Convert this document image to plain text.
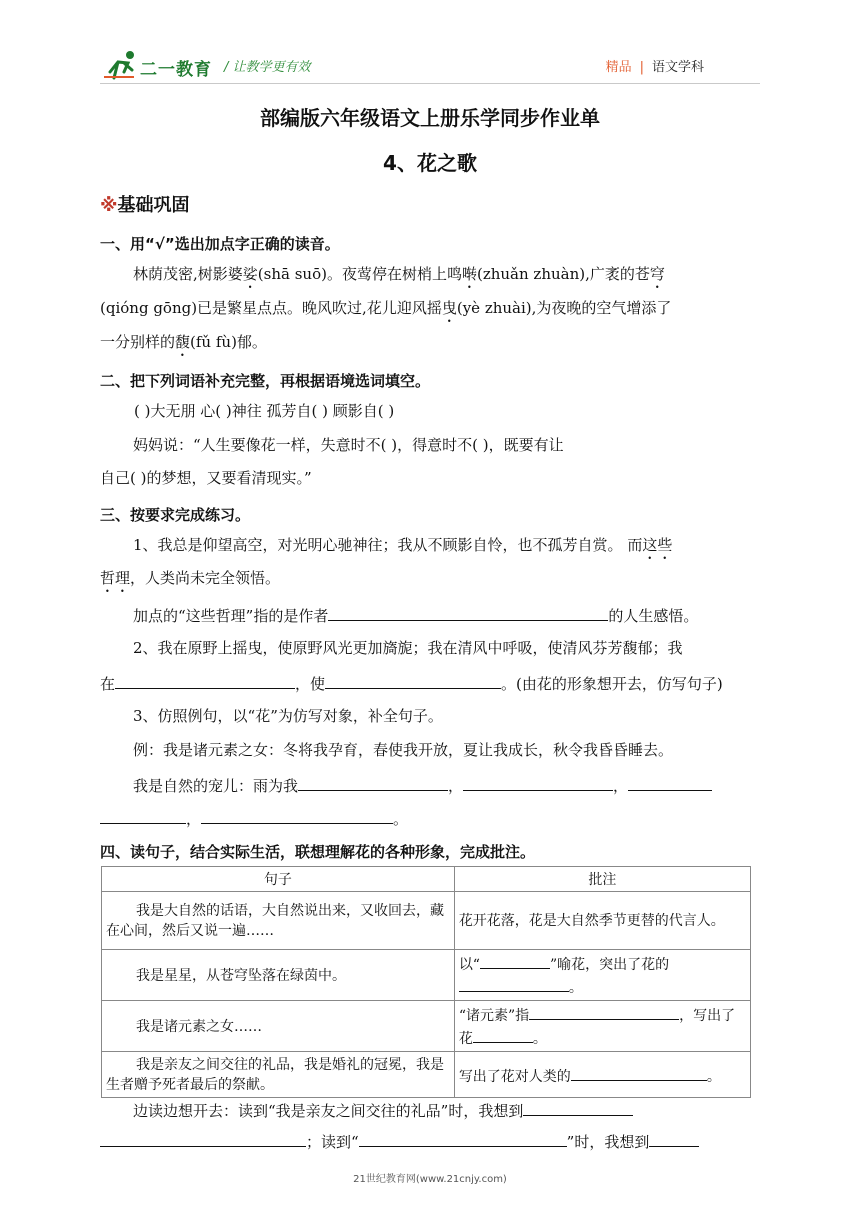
二一教育 / 让教学更有效	精品 | 语文学科
部编版六年级语文上册乐学同步作业单
4、花之歌
※基础巩固
一、用“√”选出加点字正确的读音。
林荫茂密,树影婆娑(shā suō)。夜莺停在树梢上鸣啭(zhuǎn zhuàn),广袤的苍穹
(qióng gōng)已是繁星点点。晚风吹过,花儿迎风摇曳(yè zhuài),为夜晚的空气增添了
一分别样的馥(fǔ fù)郁。
二、把下列词语补充完整，再根据语境选词填空。
( )大无朋 心( )神往 孤芳自( ) 顾影自( )
妈妈说：“人生要像花一样，失意时不( )，得意时不( )，既要有让
自己( )的梦想，又要看清现实。”
三、按要求完成练习。
1、我总是仰望高空，对光明心驰神往；我从不顾影自怜，也不孤芳自赏。 而这些
哲理，人类尚未完全领悟。
加点的“这些哲理”指的是作者	的人生感悟。
2、我在原野上摇曳，使原野风光更加旖旎；我在清风中呼吸，使清风芬芳馥郁；我
在	，使	。(由花的形象想开去，仿写句子)
3、仿照例句，以“花”为仿写对象，补全句子。
例：我是诸元素之女：冬将我孕育，春使我开放，夏让我成长，秋令我昏昏睡去。
我是自然的宠儿：雨为我	，	，
，	。
四、读句子，结合实际生活，联想理解花的各种形象，完成批注。
句子	批注
我是大自然的话语，大自然说出来，又收回去，藏在心间，然后又说一遍……	花开花落，花是大自然季节更替的代言人。
我是星星，从苍穹坠落在绿茵中。	以“ ”喻花，突出了花的。
我是诸元素之女……	“诸元素”指 ，写出了花 。
我是亲友之间交往的礼品，我是婚礼的冠冕，我是生者赠予死者最后的祭献。	写出了花对人类的 。
边读边想开去：读到“我是亲友之间交往的礼品”时，我想到
；读到“	”时，我想到
21世纪教育网(www.21cnjy.com)
